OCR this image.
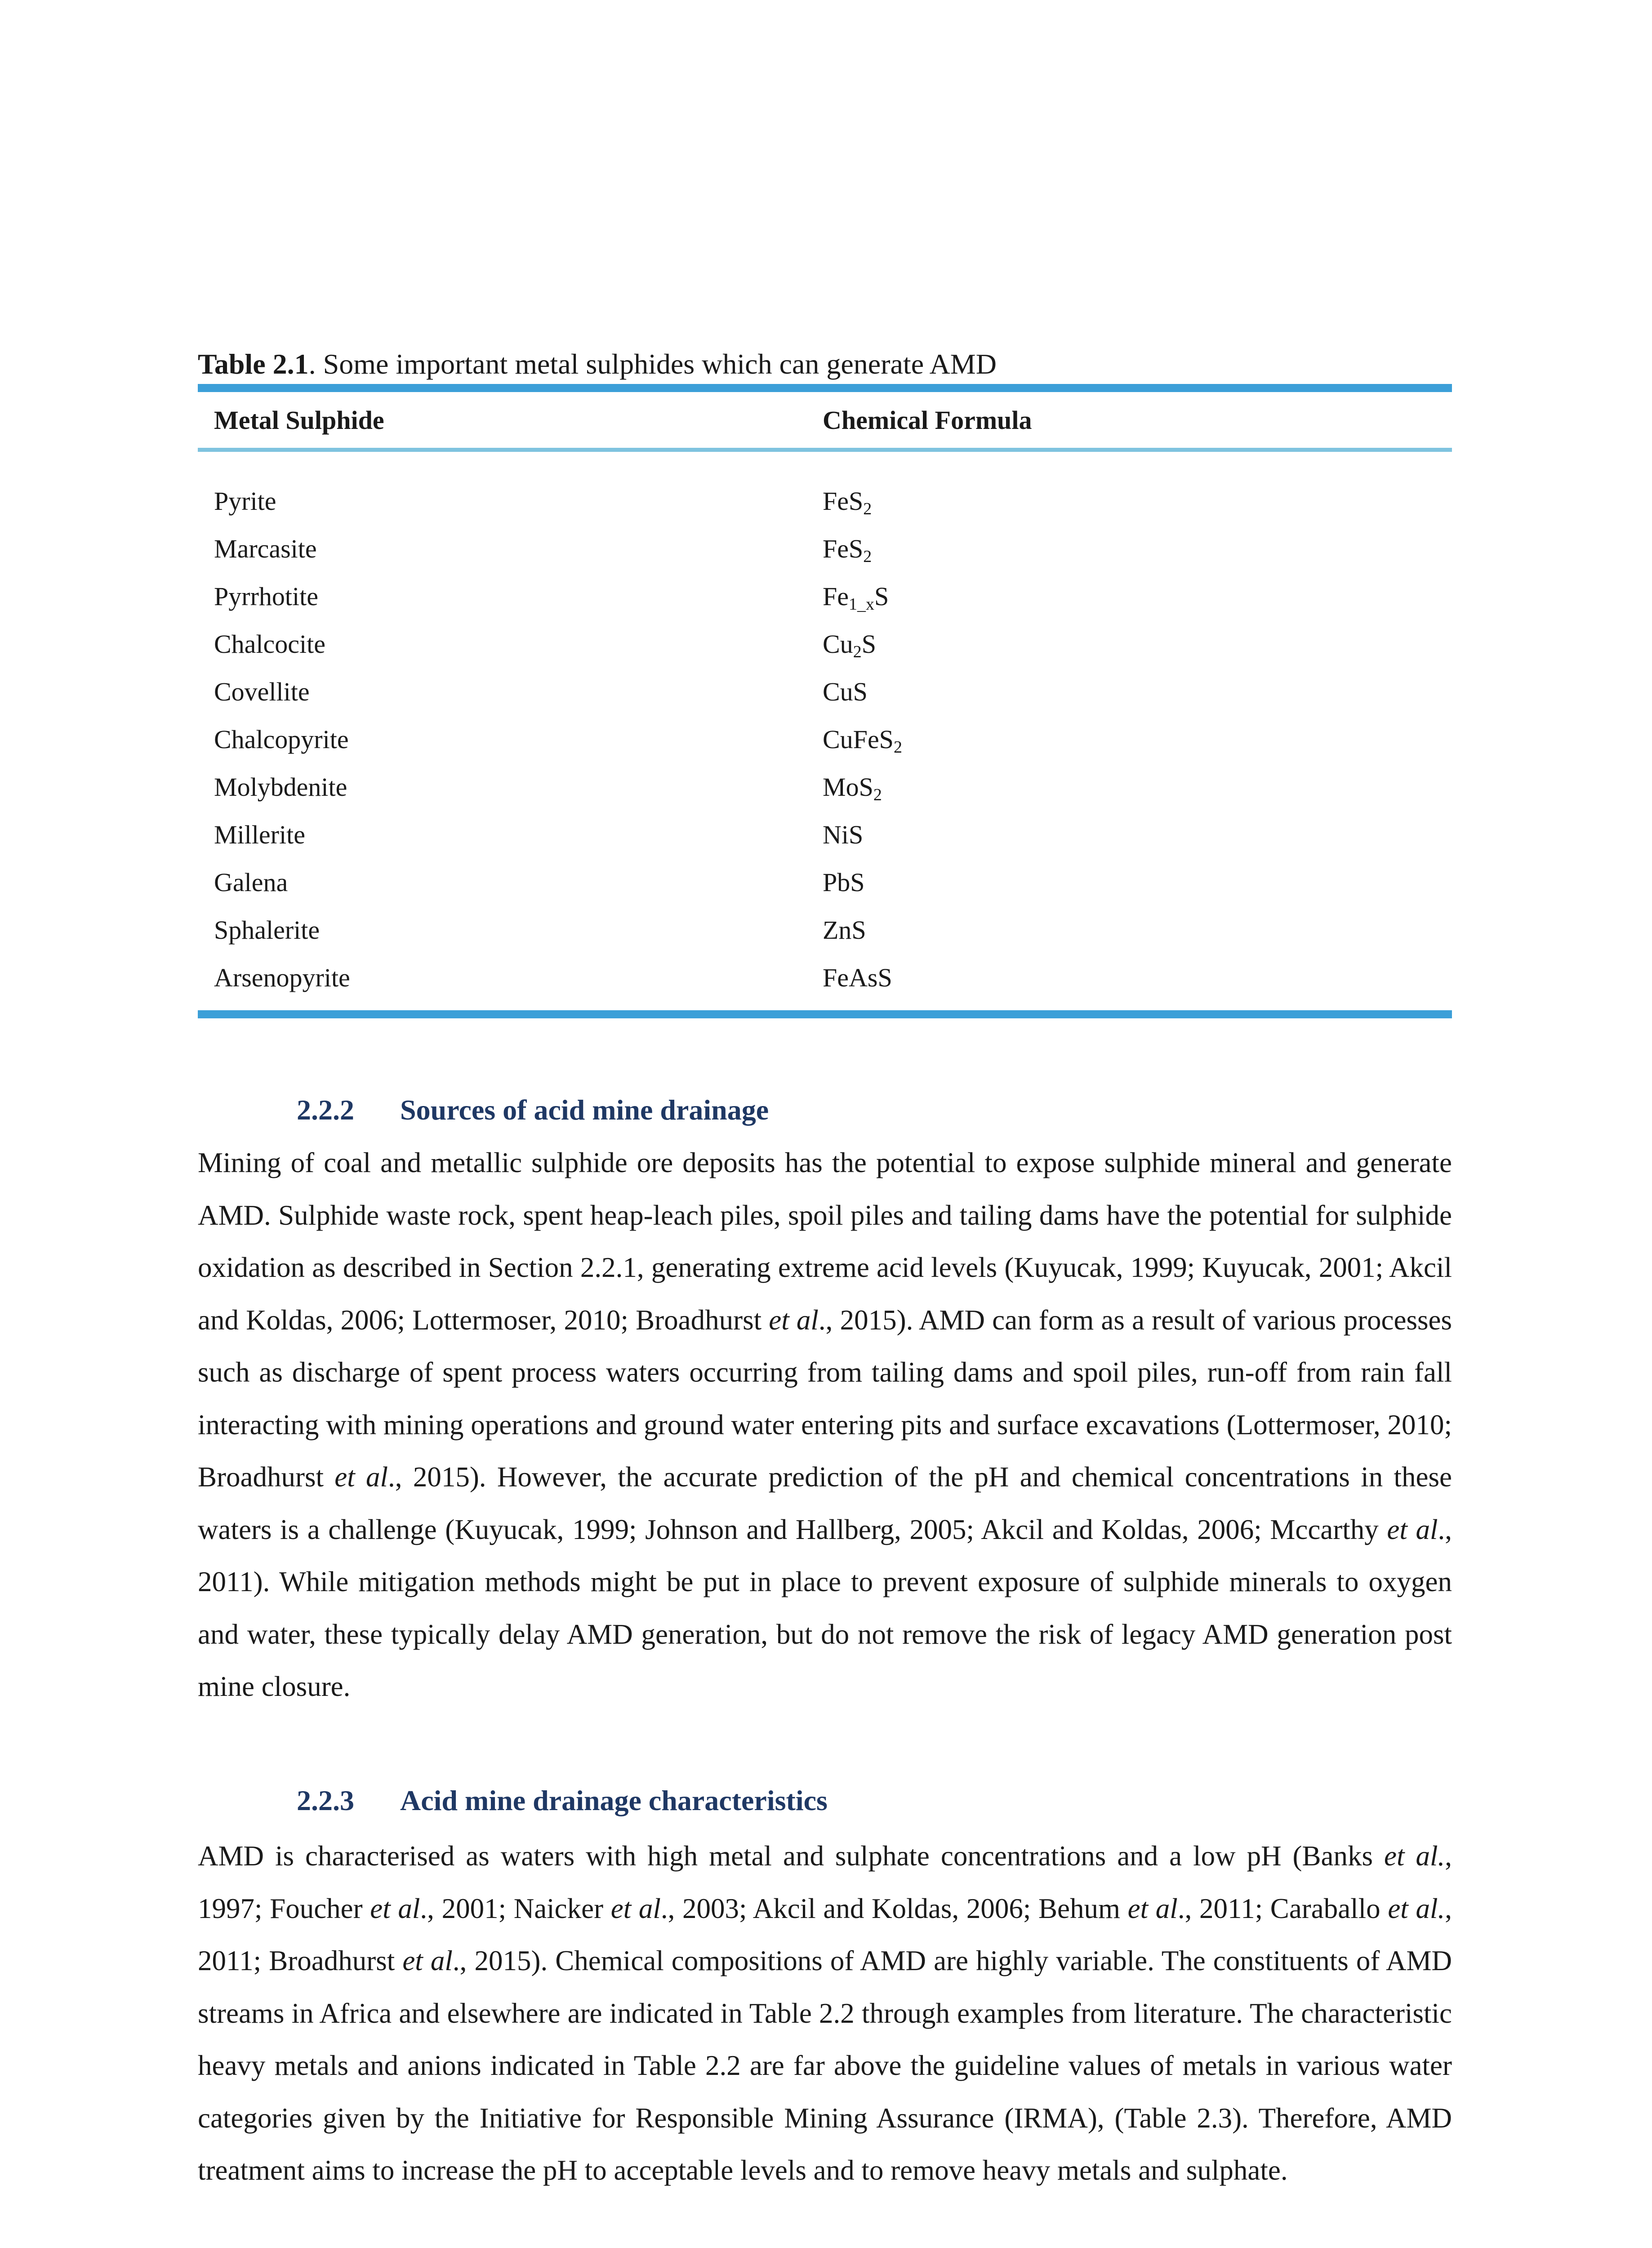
Table 2.1. Some important metal sulphides which can generate AMD
Metal Sulphide	Chemical Formula
Pyrite	FeS$_2$
Marcasite	FeS$_2$
Pyrrhotite	$Fe_{1\_x}S$
Chalcocite	$Cu_2S$
Covellite	CuS
Chalcopyrite	CuFeS$_2$
Molybdenite	MoS$_2$
Millerite	NiS
Galena	PbS
Sphalerite	ZnS
Arsenopyrite	FeAsS
2.2.2 Sources of acid mine drainage
Mining of coal and metallic sulphide ore deposits has the potential to expose sulphide mineral and generate AMD. Sulphide waste rock, spent heap-leach piles, spoil piles and tailing dams have the potential for sulphide oxidation as described in Section 2.2.1, generating extreme acid levels (Kuyucak, 1999; Kuyucak, 2001; Akcil and Koldas, 2006; Lottermoser, 2010; Broadhurst et al., 2015). AMD can form as a result of various processes such as discharge of spent process waters occurring from tailing dams and spoil piles, run-off from rain fall interacting with mining operations and ground water entering pits and surface excavations (Lottermoser, 2010; Broadhurst et al., 2015). However, the accurate prediction of the pH and chemical concentrations in these waters is a challenge (Kuyucak, 1999; Johnson and Hallberg, 2005; Akcil and Koldas, 2006; Mccarthy et al., 2011). While mitigation methods might be put in place to prevent exposure of sulphide minerals to oxygen and water, these typically delay AMD generation, but do not remove the risk of legacy AMD generation post mine closure.
2.2.3 Acid mine drainage characteristics
AMD is characterised as waters with high metal and sulphate concentrations and a low pH (Banks et al., 1997; Foucher et al., 2001; Naicker et al., 2003; Akcil and Koldas, 2006; Behum et al., 2011; Caraballo et al., 2011; Broadhurst et al., 2015). Chemical compositions of AMD are highly variable. The constituents of AMD streams in Africa and elsewhere are indicated in Table 2.2 through examples from literature. The characteristic heavy metals and anions indicated in Table 2.2 are far above the guideline values of metals in various water categories given by the Initiative for Responsible Mining Assurance (IRMA), (Table 2.3). Therefore, AMD treatment aims to increase the pH to acceptable levels and to remove heavy metals and sulphate.
